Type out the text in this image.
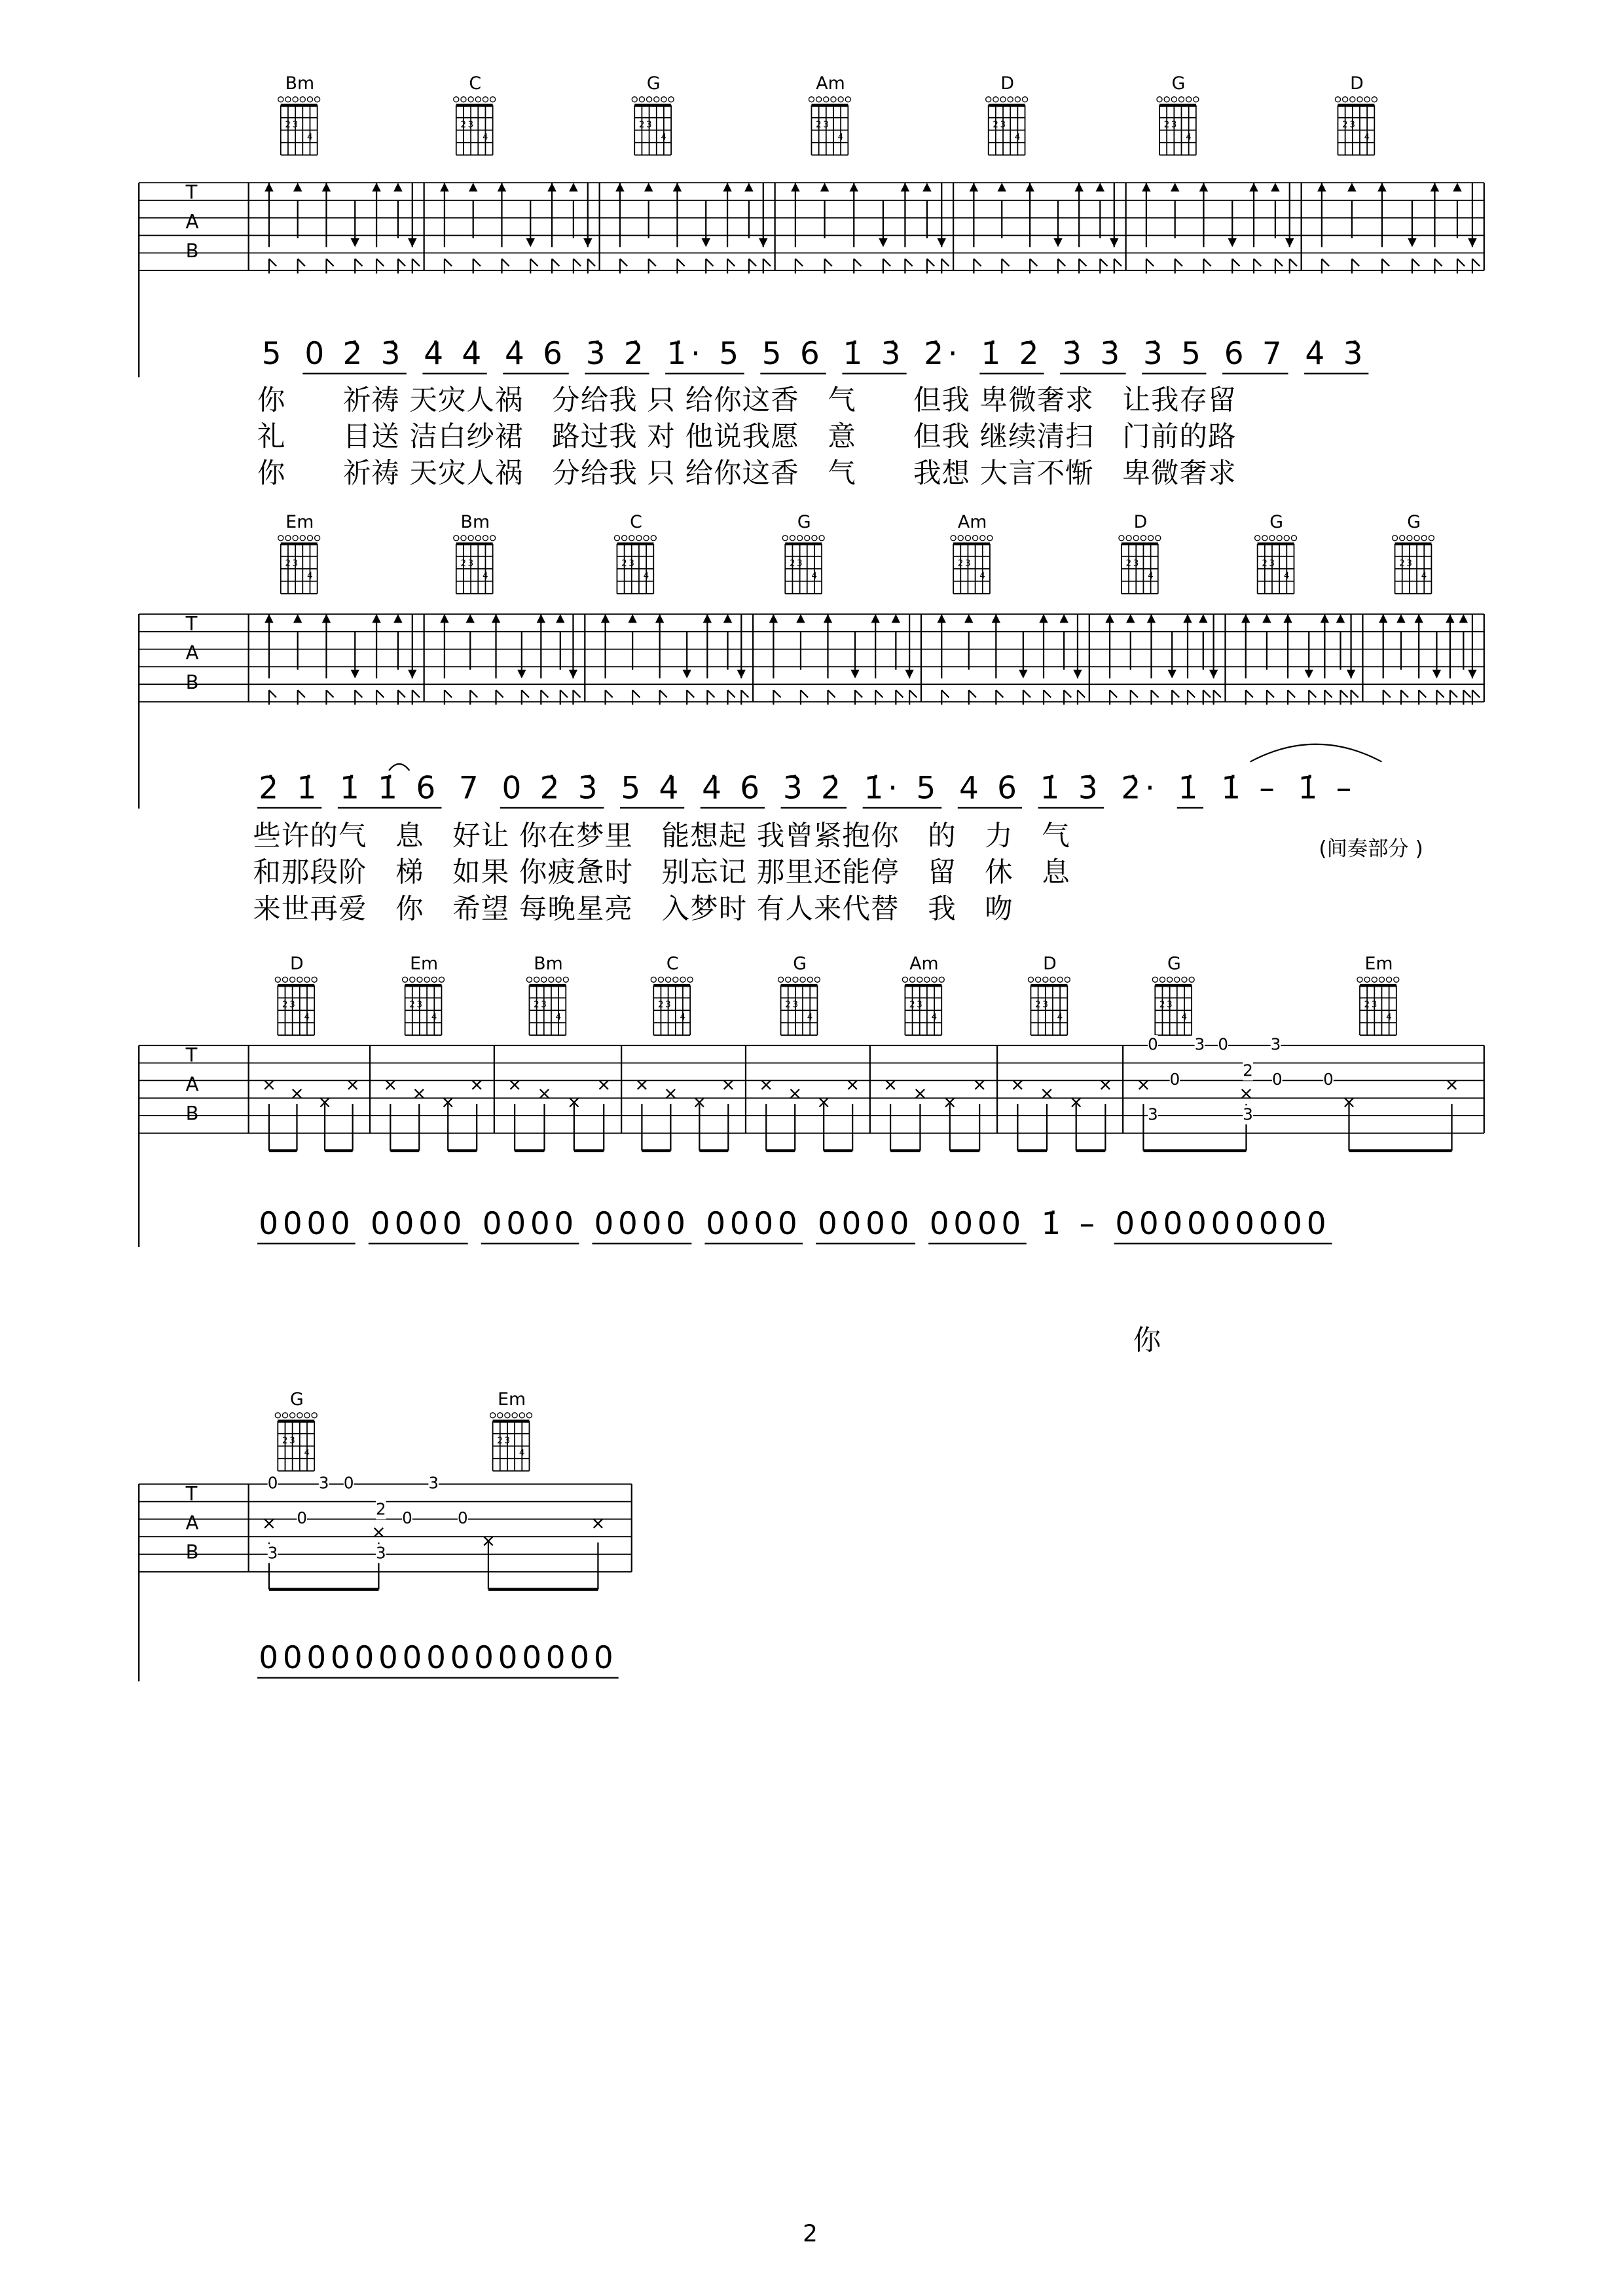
Bm
2 3
4
C
2 3
4
G
2 3
4
Am
2 3
4
D
2 3
4
G
2 3
4
D
2 3
4
T
A
B
5 0 2̇ 3̇ 4̇ 4̇ 4̇ 6 3̇ 2̇ 1̇· 5 5 6 1̇ 3̇ 2̇· 1̇ 2̇ 3̇ 3̇ 3̇ 5 6 7 4̇ 3̇
你　　祈祷 天灾人祸　分给我 只 给你这香　气　　但我 卑微奢求　让我存留
礼　　目送 洁白纱裙　路过我 对 他说我愿　意　　但我 继续清扫　门前的路
你　　祈祷 天灾人祸　分给我 只 给你这香　气　　我想 大言不惭　卑微奢求
Em
2 3
4
Bm
2 3
4
C
2 3
4
G
2 3
4
Am
2 3
4
D
2 3
4
G
2 3
4
G
2 3
4
T
A
B
2̇ 1̇ 1̇ 1̇ 6 7 0 2̇ 3̇ 5 4̇ 4̇ 6 3̇ 2̇ 1̇· 5 4 6 1̇ 3̇ 2̇· 1̇ 1̇ – 1̇ –
些许的气　息　好让 你在梦里　能想起 我曾紧抱你　的　力　气
和那段阶　梯　如果 你疲惫时　别忘记 那里还能停　留　休　息
来世再爱　你　希望 每晚星亮　入梦时 有人来代替　我　吻
D
2 3
4
Em
2 3
4
Bm
2 3
4
C
2 3
4
G
2 3
4
Am
2 3
4
D
2 3
4
G
2 3
4
Em
2 3
4
T
A
B
0	3 0	3
0	2	0	0
3	3
0000 0000 0000 0000 0000 0000 0000 1̇ – 000000000
你
G
2 3
4
Em
2 3
4
T
A
B
0	3 0	3
0	2 0	0
3	3
000000000000000
(间奏部分 )
2
